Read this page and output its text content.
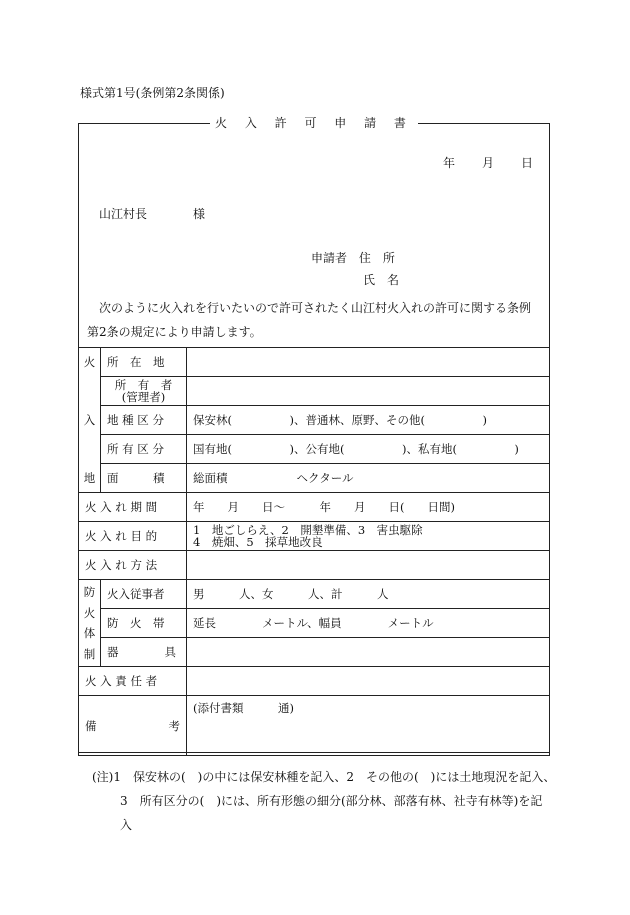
様式第1号(条例第2条関係)
火 入 許 可 申 請 書
年 月 日
山江村長	様
申請者 住　所
氏　名
次のように火入れを行いたいので許可されたく山江村火入れの許可に関する条例
第2条の規定により申請します。
火
入
地	所　在　地	

	所　有　者
(管理者)	

	地 種 区 分	保安林(　　　　　)、普通林、原野、その他(　　　　　)
	所 有 区 分	国有地(　　　　　)、公有地(　　　　　)、私有地(　　　　　)
	面　　　積	総面積　　　　　　ヘクタール
火 入 れ 期 間		年　　月　　日〜　　　年　　月　　日(　　日間)
火 入 れ 目 的		1　地ごしらえ、2　開墾準備、3　害虫駆除
4　焼畑、5　採草地改良

火 入 れ 方 法		

防
火
体
制	火入従事者	男　　　人、女　　　人、計　　　人
	防　火　帯	延長　　　　メートル、幅員　　　　メートル
	器　　　　具	
火 入 責 任 者		

備 考		(添付書類　　　通)
(注)1　保安林の(　)の中には保安林種を記入、2　その他の(　)には土地現況を記入、
3　所有区分の(　)には、所有形態の細分(部分林、部落有林、社寺有林等)を記
入
